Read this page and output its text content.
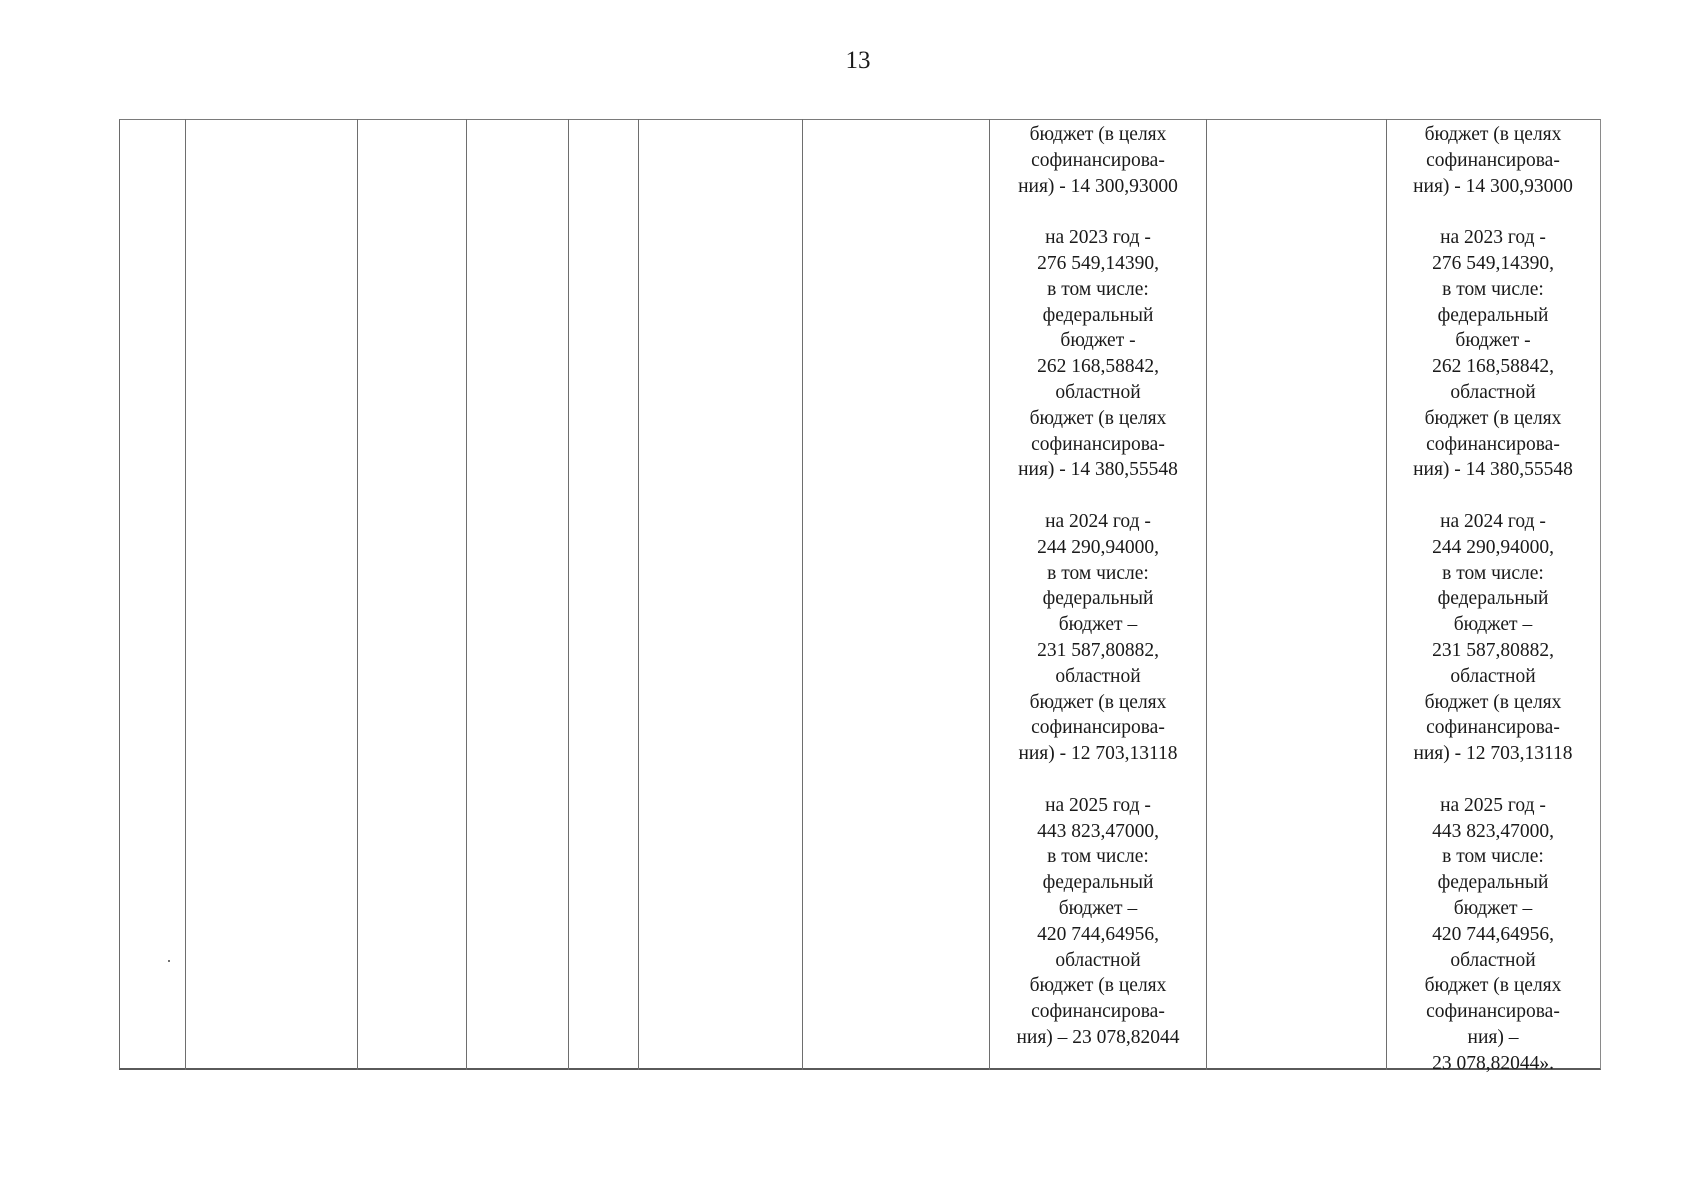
13
бюджет (в целях
софинансирова-
ния) - 14 300,93000

на 2023 год -
276 549,14390,
в том числе:
федеральный
бюджет -
262 168,58842,
областной
бюджет (в целях
софинансирова-
ния) - 14 380,55548

на 2024 год -
244 290,94000,
в том числе:
федеральный
бюджет –
231 587,80882,
областной
бюджет (в целях
софинансирова-
ния) - 12 703,13118

на 2025 год -
443 823,47000,
в том числе:
федеральный
бюджет –
420 744,64956,
областной
бюджет (в целях
софинансирова-
ния) – 23 078,82044
бюджет (в целях
софинансирова-
ния) - 14 300,93000

на 2023 год -
276 549,14390,
в том числе:
федеральный
бюджет -
262 168,58842,
областной
бюджет (в целях
софинансирова-
ния) - 14 380,55548

на 2024 год -
244 290,94000,
в том числе:
федеральный
бюджет –
231 587,80882,
областной
бюджет (в целях
софинансирова-
ния) - 12 703,13118

на 2025 год -
443 823,47000,
в том числе:
федеральный
бюджет –
420 744,64956,
областной
бюджет (в целях
софинансирова-
ния) –
23 078,82044».
